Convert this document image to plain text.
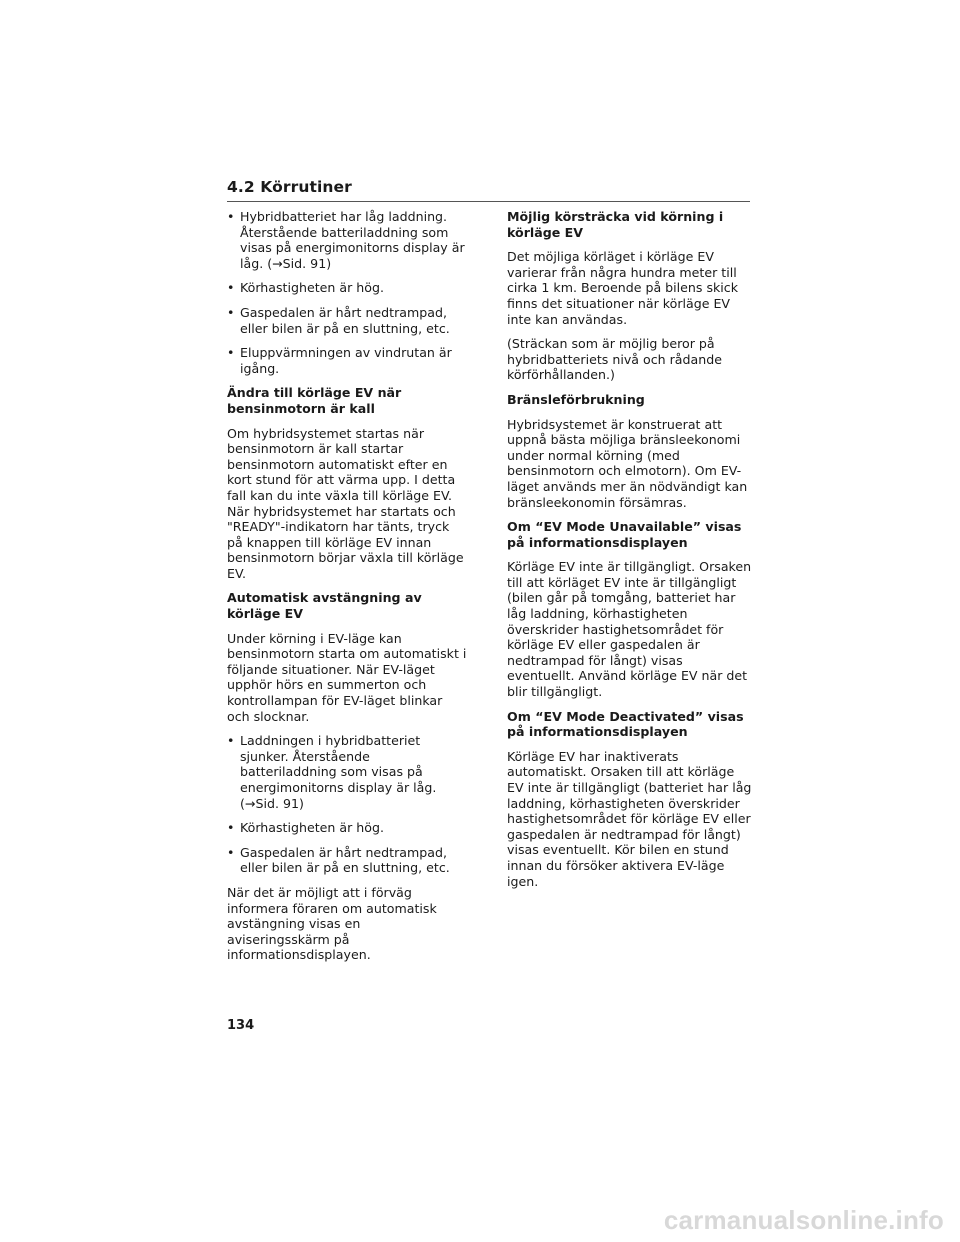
4.2 Körrutiner
• Hybridbatteriet har låg laddning. Återstående batteriladdning som visas på energimonitorns display är låg. (→Sid. 91)
• Körhastigheten är hög.
• Gaspedalen är hårt nedtrampad, eller bilen är på en sluttning, etc.
• Eluppvärmningen av vindrutan är igång.
Ändra till körläge EV när bensinmotorn är kall

Om hybridsystemet startas när bensinmotorn är kall startar bensinmotorn automatiskt efter en kort stund för att värma upp. I detta fall kan du inte växla till körläge EV. När hybridsystemet har startats och "READY"-indikatorn har tänts, tryck på knappen till körläge EV innan bensinmotorn börjar växla till körläge EV.

Automatisk avstängning av körläge EV

Under körning i EV-läge kan bensinmotorn starta om automatiskt i följande situationer. När EV-läget upphör hörs en summerton och kontrollampan för EV-läget blinkar och slocknar.

• Laddningen i hybridbatteriet sjunker. Återstående batteriladdning som visas på energimonitorns display är låg. (→Sid. 91)
• Körhastigheten är hög.
• Gaspedalen är hårt nedtrampad, eller bilen är på en sluttning, etc.

När det är möjligt att i förväg informera föraren om automatisk avstängning visas en aviseringsskärm på informationsdisplayen.

Möjlig körsträcka vid körning i körläge EV

Det möjliga körläget i körläge EV varierar från några hundra meter till cirka 1 km. Beroende på bilens skick finns det situationer när körläge EV inte kan användas.

(Sträckan som är möjlig beror på hybridbatteriets nivå och rådande körförhållanden.)

Bränsleförbrukning

Hybridsystemet är konstruerat att uppnå bästa möjliga bränsleekonomi under normal körning (med bensinmotorn och elmotorn). Om EV-läget används mer än nödvändigt kan bränsleekonomin försämras.

Om “EV Mode Unavailable” visas på informationsdisplayen

Körläge EV inte är tillgängligt. Orsaken till att körläget EV inte är tillgängligt (bilen går på tomgång, batteriet har låg laddning, körhastigheten överskrider hastighetsområdet för körläge EV eller gaspedalen är nedtrampad för långt) visas eventuellt. Använd körläge EV när det blir tillgängligt.

Om “EV Mode Deactivated” visas på informationsdisplayen

Körläge EV har inaktiverats automatiskt. Orsaken till att körläge EV inte är tillgängligt (batteriet har låg laddning, körhastigheten överskrider hastighetsområdet för körläge EV eller gaspedalen är nedtrampad för långt) visas eventuellt. Kör bilen en stund innan du försöker aktivera EV-läge igen.

134
carmanualsonline.info
